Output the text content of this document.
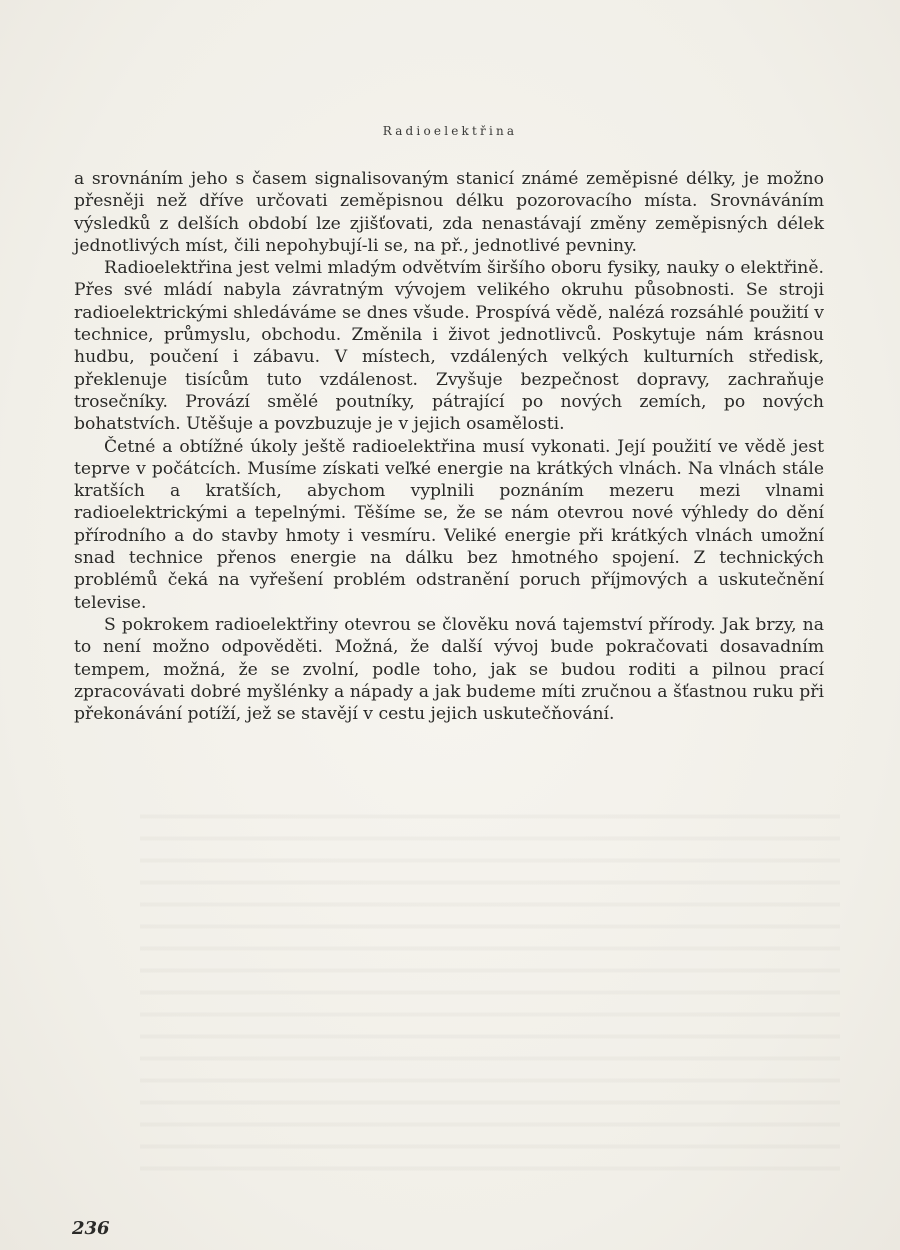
Radioelektřina

a srovnáním jeho s časem signalisovaným stanicí známé zeměpisné délky, je možno přesněji než dříve určovati zeměpisnou délku pozorovacího místa. Srovnáváním výsledků z delších období lze zjišťovati, zda nenastávají změny zeměpisných délek jednotlivých míst, čili nepohybují-li se, na př., jednotlivé pevniny.

Radioelektřina jest velmi mladým odvětvím širšího oboru fysiky, nauky o elektřině. Přes své mládí nabyla závratným vývojem velikého okruhu působnosti. Se stroji radioelektrickými shledáváme se dnes všude. Prospívá vědě, nalézá rozsáhlé použití v technice, průmyslu, obchodu. Změnila i život jednotlivců. Poskytuje nám krásnou hudbu, poučení i zábavu. V místech, vzdálených velkých kulturních středisk, překlenuje tisícům tuto vzdálenost. Zvyšuje bezpečnost dopravy, zachraňuje trosečníky. Provází smělé poutníky, pátrající po nových zemích, po nových bohatstvích. Utěšuje a povzbuzuje je v jejich osamělosti.

Četné a obtížné úkoly ještě radioelektřina musí vykonati. Její použití ve vědě jest teprve v počátcích. Musíme získati veľké energie na krátkých vlnách. Na vlnách stále kratších a kratších, abychom vyplnili poznáním mezeru mezi vlnami radioelektrickými a tepelnými. Těšíme se, že se nám otevrou nové výhledy do dění přírodního a do stavby hmoty i vesmíru. Veliké energie při krátkých vlnách umožní snad technice přenos energie na dálku bez hmotného spojení. Z technických problémů čeká na vyřešení problém odstranění poruch příjmových a uskutečnění televise.

S pokrokem radioelektřiny otevrou se člověku nová tajemství přírody. Jak brzy, na to není možno odpověděti. Možná, že další vývoj bude pokračovati dosavadním tempem, možná, že se zvolní, podle toho, jak se budou roditi a pilnou prací zpracovávati dobré myšlénky a nápady a jak budeme míti zručnou a šťastnou ruku při překonávání potíží, jež se stavějí v cestu jejich uskutečňování.

236
